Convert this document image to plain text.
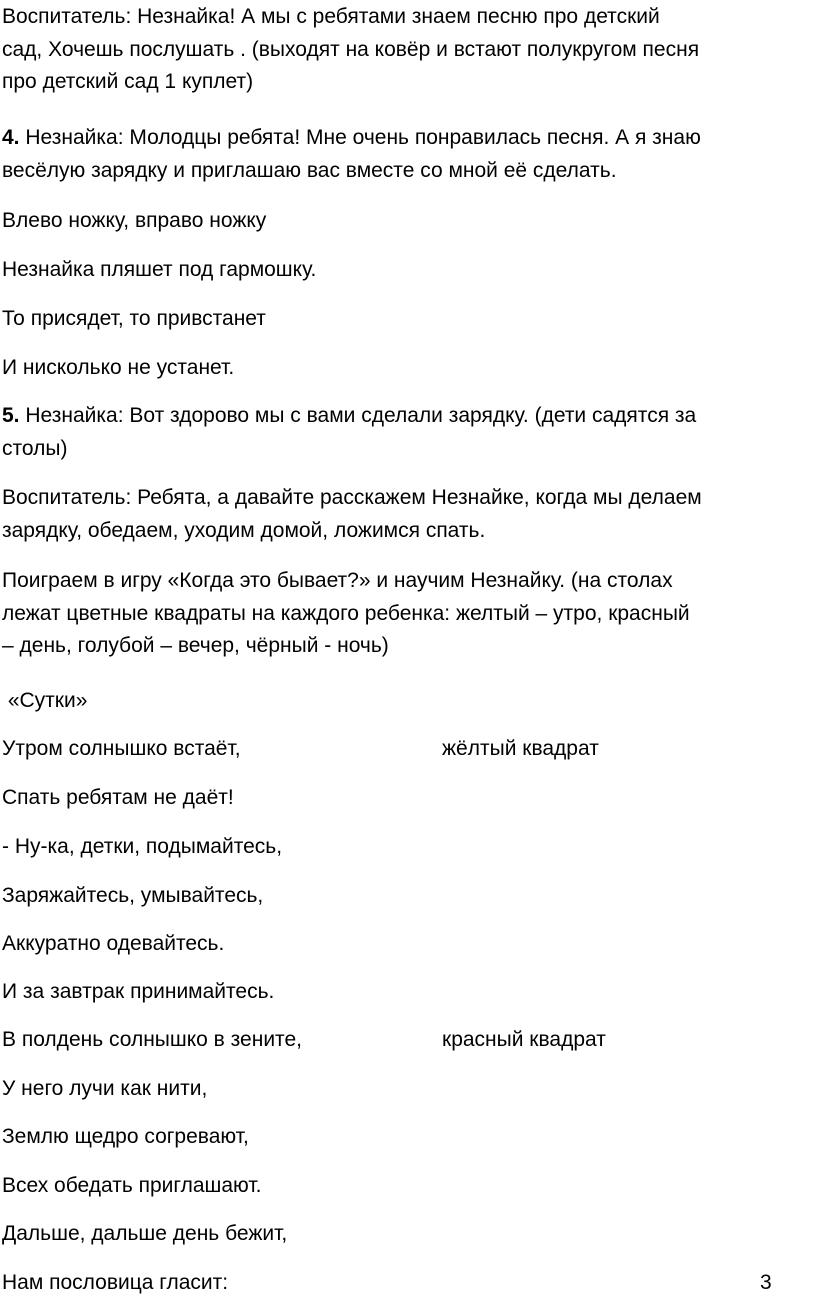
Воспитатель: Незнайка! А мы с ребятами знаем песню про детский
сад, Хочешь послушать . (выходят на ковёр и встают полукругом песня
про детский сад 1 куплет)
4. Незнайка: Молодцы ребята! Мне очень понравилась песня. А я знаю
весёлую зарядку и приглашаю вас вместе со мной её сделать.
Влево ножку, вправо ножку
Незнайка пляшет под гармошку.
То присядет, то привстанет
И нисколько не устанет.
5. Незнайка: Вот здорово мы с вами сделали зарядку. (дети садятся за
столы)
Воспитатель: Ребята, а давайте расскажем Незнайке, когда мы делаем
зарядку, обедаем, уходим домой, ложимся спать.
Поиграем в игру «Когда это бывает?» и научим Незнайку. (на столах
лежат цветные квадраты на каждого ребенка: желтый – утро, красный
– день, голубой – вечер, чёрный - ночь)
«Сутки»
Утром солнышко встаёт,	жёлтый квадрат
Спать ребятам не даёт!
- Ну-ка, детки, подымайтесь,
Заряжайтесь, умывайтесь,
Аккуратно одевайтесь.
И за завтрак принимайтесь.
В полдень солнышко в зените,	красный квадрат
У него лучи как нити,
Землю щедро согревают,
Всех обедать приглашают.
Дальше, дальше день бежит,
Нам пословица гласит:	3
